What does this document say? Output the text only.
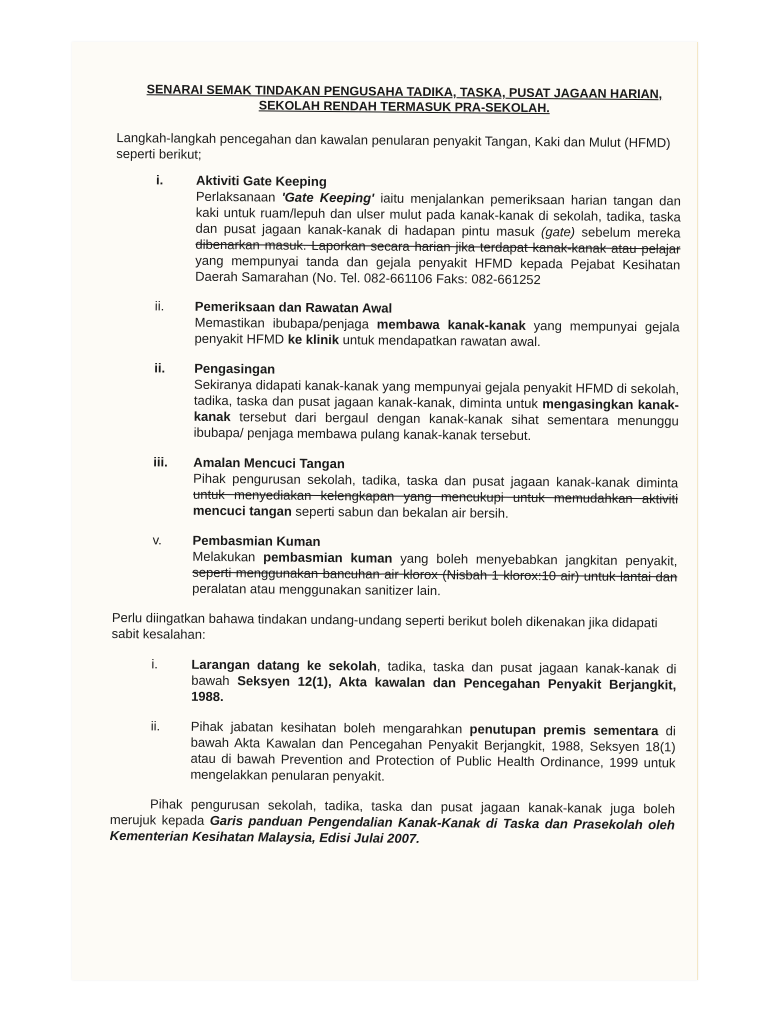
SENARAI SEMAK TINDAKAN PENGUSAHA TADIKA, TASKA, PUSAT JAGAAN HARIAN,
SEKOLAH RENDAH TERMASUK PRA-SEKOLAH.

Langkah-langkah pencegahan dan kawalan penularan penyakit Tangan, Kaki dan Mulut (HFMD) seperti berikut;

i.	Aktiviti Gate Keeping
Perlaksanaan 'Gate Keeping' iaitu menjalankan pemeriksaan harian tangan dan kaki untuk ruam/lepuh dan ulser mulut pada kanak-kanak di sekolah, tadika, taska dan pusat jagaan kanak-kanak di hadapan pintu masuk (gate) sebelum mereka dibenarkan masuk. Laporkan secara harian jika terdapat kanak-kanak atau pelajar yang mempunyai tanda dan gejala penyakit HFMD kepada Pejabat Kesihatan Daerah Samarahan (No. Tel. 082-661106 Faks: 082-661252
ii.	Pemeriksaan dan Rawatan Awal
Memastikan ibubapa/penjaga membawa kanak-kanak yang mempunyai gejala penyakit HFMD ke klinik untuk mendapatkan rawatan awal.
ii.	Pengasingan
Sekiranya didapati kanak-kanak yang mempunyai gejala penyakit HFMD di sekolah, tadika, taska dan pusat jagaan kanak-kanak, diminta untuk mengasingkan kanak-kanak tersebut dari bergaul dengan kanak-kanak sihat sementara menunggu ibubapa/ penjaga membawa pulang kanak-kanak tersebut.
iii.	Amalan Mencuci Tangan
Pihak pengurusan sekolah, tadika, taska dan pusat jagaan kanak-kanak diminta untuk menyediakan kelengkapan yang mencukupi untuk memudahkan aktiviti mencuci tangan seperti sabun dan bekalan air bersih.
v.	Pembasmian Kuman
Melakukan pembasmian kuman yang boleh menyebabkan jangkitan penyakit, seperti menggunakan bancuhan air klorox (Nisbah 1 klorox:10 air) untuk lantai dan peralatan atau menggunakan sanitizer lain.

Perlu diingatkan bahawa tindakan undang-undang seperti berikut boleh dikenakan jika didapati sabit kesalahan:

i.	Larangan datang ke sekolah, tadika, taska dan pusat jagaan kanak-kanak di bawah Seksyen 12(1), Akta kawalan dan Pencegahan Penyakit Berjangkit, 1988.
ii.	Pihak jabatan kesihatan boleh mengarahkan penutupan premis sementara di bawah Akta Kawalan dan Pencegahan Penyakit Berjangkit, 1988, Seksyen 18(1) atau di bawah Prevention and Protection of Public Health Ordinance, 1999 untuk mengelakkan penularan penyakit.

Pihak pengurusan sekolah, tadika, taska dan pusat jagaan kanak-kanak juga boleh merujuk kepada Garis panduan Pengendalian Kanak-Kanak di Taska dan Prasekolah oleh Kementerian Kesihatan Malaysia, Edisi Julai 2007.
